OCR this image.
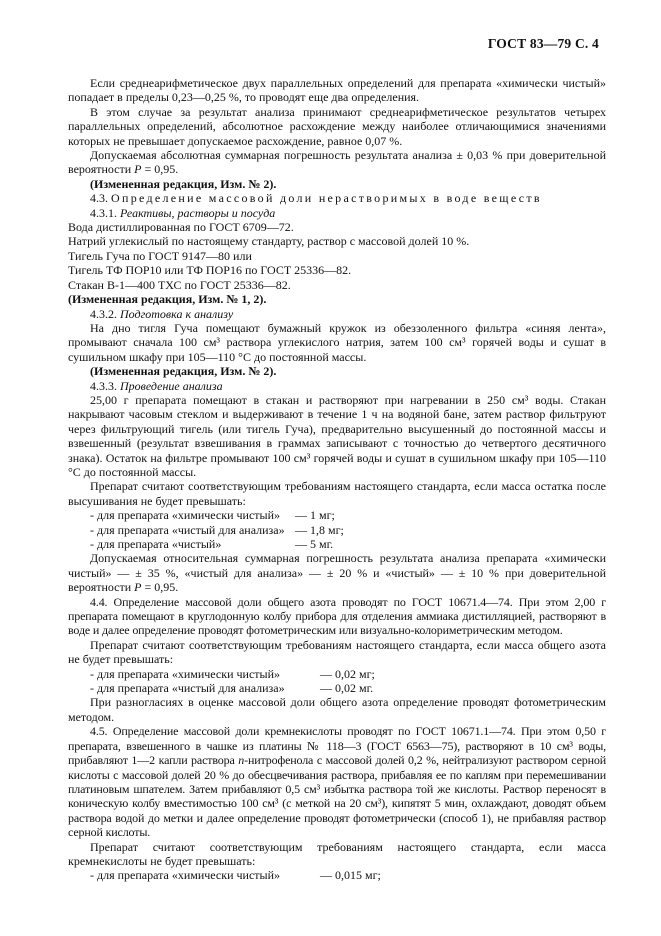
ГОСТ 83—79 С. 4

Если среднеарифметическое двух параллельных определений для препарата «химически чистый» попадает в пределы 0,23—0,25 %, то проводят еще два определения.

В этом случае за результат анализа принимают среднеарифметическое результатов четырех параллельных определений, абсолютное расхождение между наиболее отличающимися значениями которых не превышает допускаемое расхождение, равное 0,07 %.

Допускаемая абсолютная суммарная погрешность результата анализа ± 0,03 % при доверительной вероятности P = 0,95.

(Измененная редакция, Изм. № 2).

4.3. Определение массовой доли нерастворимых в воде веществ

4.3.1. Реактивы, растворы и посуда

Вода дистиллированная по ГОСТ 6709—72.

Натрий углекислый по настоящему стандарту, раствор с массовой долей 10 %.

Тигель Гуча по ГОСТ 9147—80 или

Тигель ТФ ПОР10 или ТФ ПОР16 по ГОСТ 25336—82.

Стакан В-1—400 ТХС по ГОСТ 25336—82.

(Измененная редакция, Изм. № 1, 2).

4.3.2. Подготовка к анализу

На дно тигля Гуча помещают бумажный кружок из обеззоленного фильтра «синяя лента», промывают сначала 100 см³ раствора углекислого натрия, затем 100 см³ горячей воды и сушат в сушильном шкафу при 105—110 °С до постоянной массы.

(Измененная редакция, Изм. № 2).

4.3.3. Проведение анализа

25,00 г препарата помещают в стакан и растворяют при нагревании в 250 см³ воды. Стакан накрывают часовым стеклом и выдерживают в течение 1 ч на водяной бане, затем раствор фильтруют через фильтрующий тигель (или тигель Гуча), предварительно высушенный до постоянной массы и взвешенный (результат взвешивания в граммах записывают с точностью до четвертого десятичного знака). Остаток на фильтре промывают 100 см³ горячей воды и сушат в сушильном шкафу при 105—110 °С до постоянной массы.

Препарат считают соответствующим требованиям настоящего стандарта, если масса остатка после высушивания не будет превышать:

- для препарата «химически чистый»	— 1 мг;
- для препарата «чистый для анализа» — 1,8 мг;
- для препарата «чистый»	— 5 мг.

Допускаемая относительная суммарная погрешность результата анализа препарата «химически чистый» — ± 35 %, «чистый для анализа» — ± 20 % и «чистый» — ± 10 % при доверительной вероятности P = 0,95.

4.4. Определение массовой доли общего азота проводят по ГОСТ 10671.4—74. При этом 2,00 г препарата помещают в круглодонную колбу прибора для отделения аммиака дистилляцией, растворяют в воде и далее определение проводят фотометрическим или визуально-колориметрическим методом.

Препарат считают соответствующим требованиям настоящего стандарта, если масса общего азота не будет превышать:

- для препарата «химически чистый»	— 0,02 мг;
- для препарата «чистый для анализа»	— 0,02 мг.

При разногласиях в оценке массовой доли общего азота определение проводят фотометрическим методом.

4.5. Определение массовой доли кремнекислоты проводят по ГОСТ 10671.1—74. При этом 0,50 г препарата, взвешенного в чашке из платины № 118—3 (ГОСТ 6563—75), растворяют в 10 см³ воды, прибавляют 1—2 капли раствора n-нитрофенола с массовой долей 0,2 %, нейтрализуют раствором серной кислоты с массовой долей 20 % до обесцвечивания раствора, прибавляя ее по каплям при перемешивании платиновым шпателем. Затем прибавляют 0,5 см³ избытка раствора той же кислоты. Раствор переносят в коническую колбу вместимостью 100 см³ (с меткой на 20 см³), кипятят 5 мин, охлаждают, доводят объем раствора водой до метки и далее определение проводят фотометрически (способ 1), не прибавляя раствор серной кислоты.

Препарат считают соответствующим требованиям настоящего стандарта, если масса кремнекислоты не будет превышать:

- для препарата «химически чистый»	— 0,015 мг;
